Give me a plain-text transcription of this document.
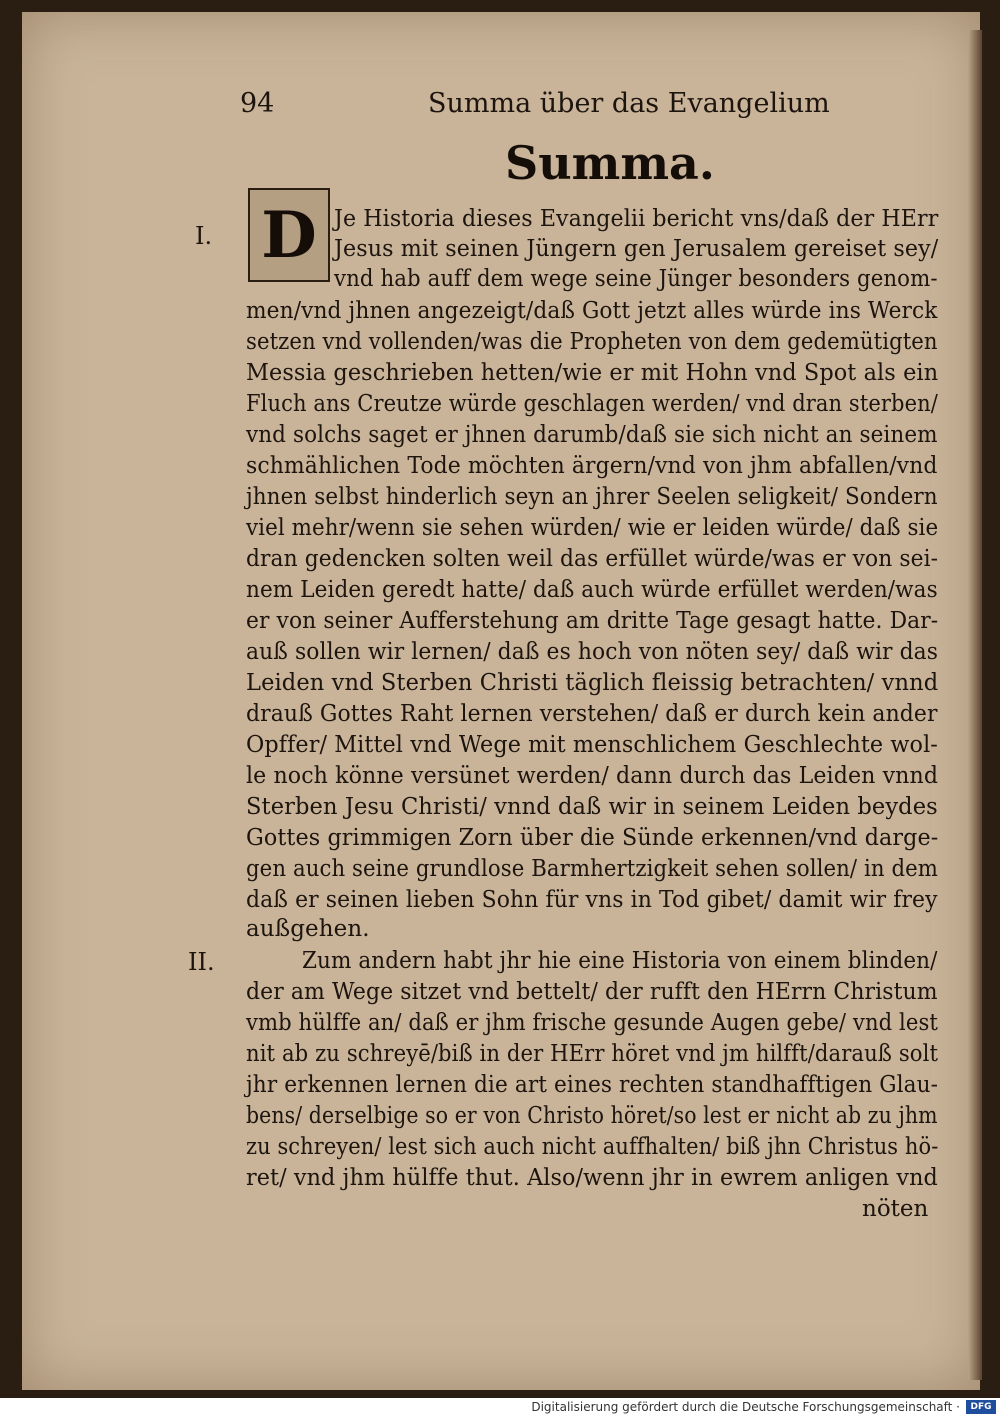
94	Summa über das Evangelium
Summa.
I.
II.
D Je Historia dieses Evangelii bericht vns/daß der HErr
Jesus mit seinen Jüngern gen Jerusalem gereiset sey/
vnd hab auff dem wege seine Jünger besonders genom-
men/vnd jhnen angezeigt/daß Gott jetzt alles würde ins Werck
setzen vnd vollenden/was die Propheten von dem gedemütigten
Messia geschrieben hetten/wie er mit Hohn vnd Spot als ein
Fluch ans Creutze würde geschlagen werden/ vnd dran sterben/
vnd solchs saget er jhnen darumb/daß sie sich nicht an seinem
schmählichen Tode möchten ärgern/vnd von jhm abfallen/vnd
jhnen selbst hinderlich seyn an jhrer Seelen seligkeit/ Sondern
viel mehr/wenn sie sehen würden/ wie er leiden würde/ daß sie
dran gedencken solten weil das erfüllet würde/was er von sei-
nem Leiden geredt hatte/ daß auch würde erfüllet werden/was
er von seiner Aufferstehung am dritte Tage gesagt hatte. Dar-
auß sollen wir lernen/ daß es hoch von nöten sey/ daß wir das
Leiden vnd Sterben Christi täglich fleissig betrachten/ vnnd
drauß Gottes Raht lernen verstehen/ daß er durch kein ander
Opffer/ Mittel vnd Wege mit menschlichem Geschlechte wol-
le noch könne versünet werden/ dann durch das Leiden vnnd
Sterben Jesu Christi/ vnnd daß wir in seinem Leiden beydes
Gottes grimmigen Zorn über die Sünde erkennen/vnd darge-
gen auch seine grundlose Barmhertzigkeit sehen sollen/ in dem
daß er seinen lieben Sohn für vns in Tod gibet/ damit wir frey
außgehen.
Zum andern habt jhr hie eine Historia von einem blinden/
der am Wege sitzet vnd bettelt/ der rufft den HErrn Christum
vmb hülffe an/ daß er jhm frische gesunde Augen gebe/ vnd lest
nit ab zu schreyē/biß in der HErr höret vnd jm hilfft/darauß solt
jhr erkennen lernen die art eines rechten standhafftigen Glau-
bens/ derselbige so er von Christo höret/so lest er nicht ab zu jhm
zu schreyen/ lest sich auch nicht auffhalten/ biß jhn Christus hö-
ret/ vnd jhm hülffe thut. Also/wenn jhr in ewrem anligen vnd
nöten
Digitalisierung gefördert durch die Deutsche Forschungsgemeinschaft ·	DFG
